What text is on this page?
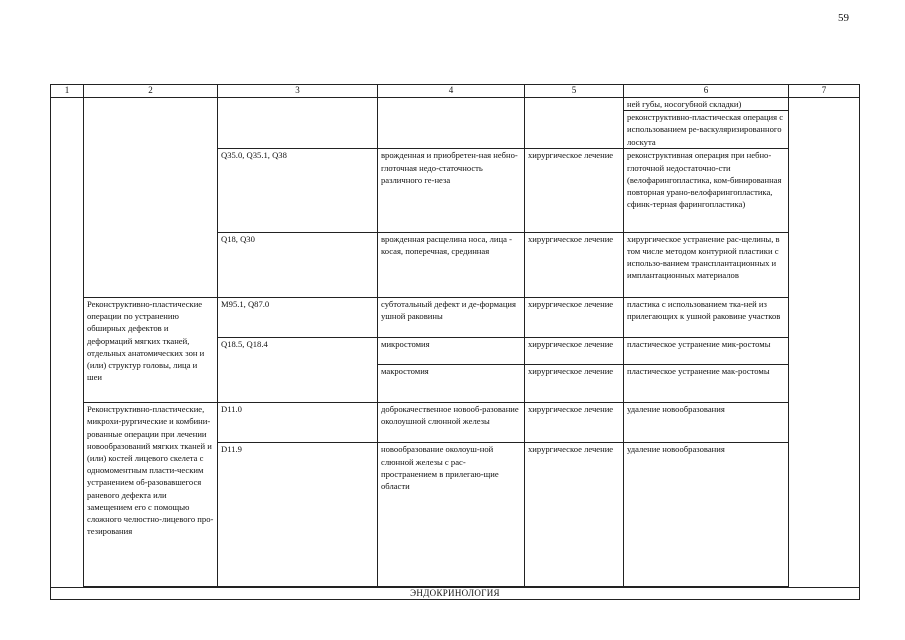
59
1	2	3	4	5	6	7
					ней губы, носогубной складки)	
					реконструктивно-пластическая операция с использованием ре-васкуляризированного лоскута	
		Q35.0, Q35.1, Q38	врожденная и приобретен-ная небно-глоточная недо-статочность различного ге-неза	хирургическое лечение	реконструктивная операция при небно-глоточной недостаточно-сти (велофарингопластика, ком-бинированная повторная урано-велофарингопластика, сфинк-терная фарингопластика)	
		Q18, Q30	врожденная расщелина носа, лица - косая, поперечная, срединная	хирургическое лечение	хирургическое устранение рас-щелины, в том числе методом контурной пластики с использо-ванием трансплантационных и имплантационных материалов	
	Реконструктивно-пластические операции по устранению обширных дефектов и деформаций мягких тканей, отдельных анатомических зон и (или) структур головы, лица и шеи	M95.1, Q87.0	субтотальный дефект и де-формация ушной раковины	хирургическое лечение	пластика с использованием тка-ней из прилегающих к ушной раковине участков	
		Q18.5, Q18.4	микростомия	хирургическое лечение	пластическое устранение мик-ростомы	
			макростомия	хирургическое лечение	пластическое устранение мак-ростомы	
	Реконструктивно-пластические, микрохи-рургические и комбини-рованные операции при лечении новообразований мягких тканей и (или) костей лицевого скелета с одномоментным пласти-ческим устранением об-разовавшегося раневого дефекта или замещением его с помощью сложного челюстно-лицевого про-тезирования	D11.0	доброкачественное новооб-разование околоушной слюнной железы	хирургическое лечение	удаление новообразования	
		D11.9	новообразование околоуш-ной слюнной железы с рас-пространением в прилегаю-щие области	хирургическое лечение	удаление новообразования	

ЭНДОКРИНОЛОГИЯ						
